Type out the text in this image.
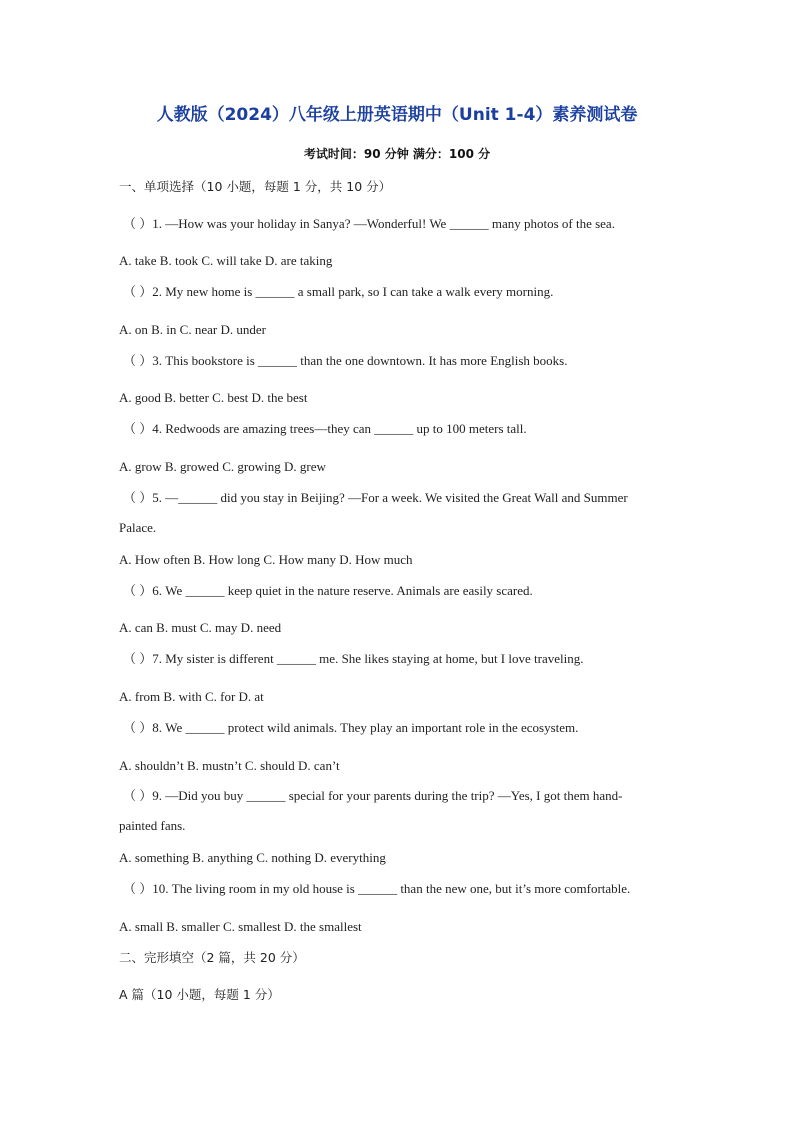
人教版（2024）八年级上册英语期中（Unit 1-4）素养测试卷
考试时间：90 分钟 满分：100 分
一、单项选择（10 小题，每题 1 分，共 10 分）
（ ）1. —How was your holiday in Sanya? —Wonderful! We ______ many photos of the sea.
A. take B. took C. will take D. are taking
（ ）2. My new home is ______ a small park, so I can take a walk every morning.
A. on B. in C. near D. under
（ ）3. This bookstore is ______ than the one downtown. It has more English books.
A. good B. better C. best D. the best
（ ）4. Redwoods are amazing trees—they can ______ up to 100 meters tall.
A. grow B. growed C. growing D. grew
（ ）5. —______ did you stay in Beijing? —For a week. We visited the Great Wall and Summer
Palace.
A. How often B. How long C. How many D. How much
（ ）6. We ______ keep quiet in the nature reserve. Animals are easily scared.
A. can B. must C. may D. need
（ ）7. My sister is different ______ me. She likes staying at home, but I love traveling.
A. from B. with C. for D. at
（ ）8. We ______ protect wild animals. They play an important role in the ecosystem.
A. shouldn’t B. mustn’t C. should D. can’t
（ ）9. —Did you buy ______ special for your parents during the trip? —Yes, I got them hand-
painted fans.
A. something B. anything C. nothing D. everything
（ ）10. The living room in my old house is ______ than the new one, but it’s more comfortable.
A. small B. smaller C. smallest D. the smallest
二、完形填空（2 篇，共 20 分）
A 篇（10 小题，每题 1 分）
